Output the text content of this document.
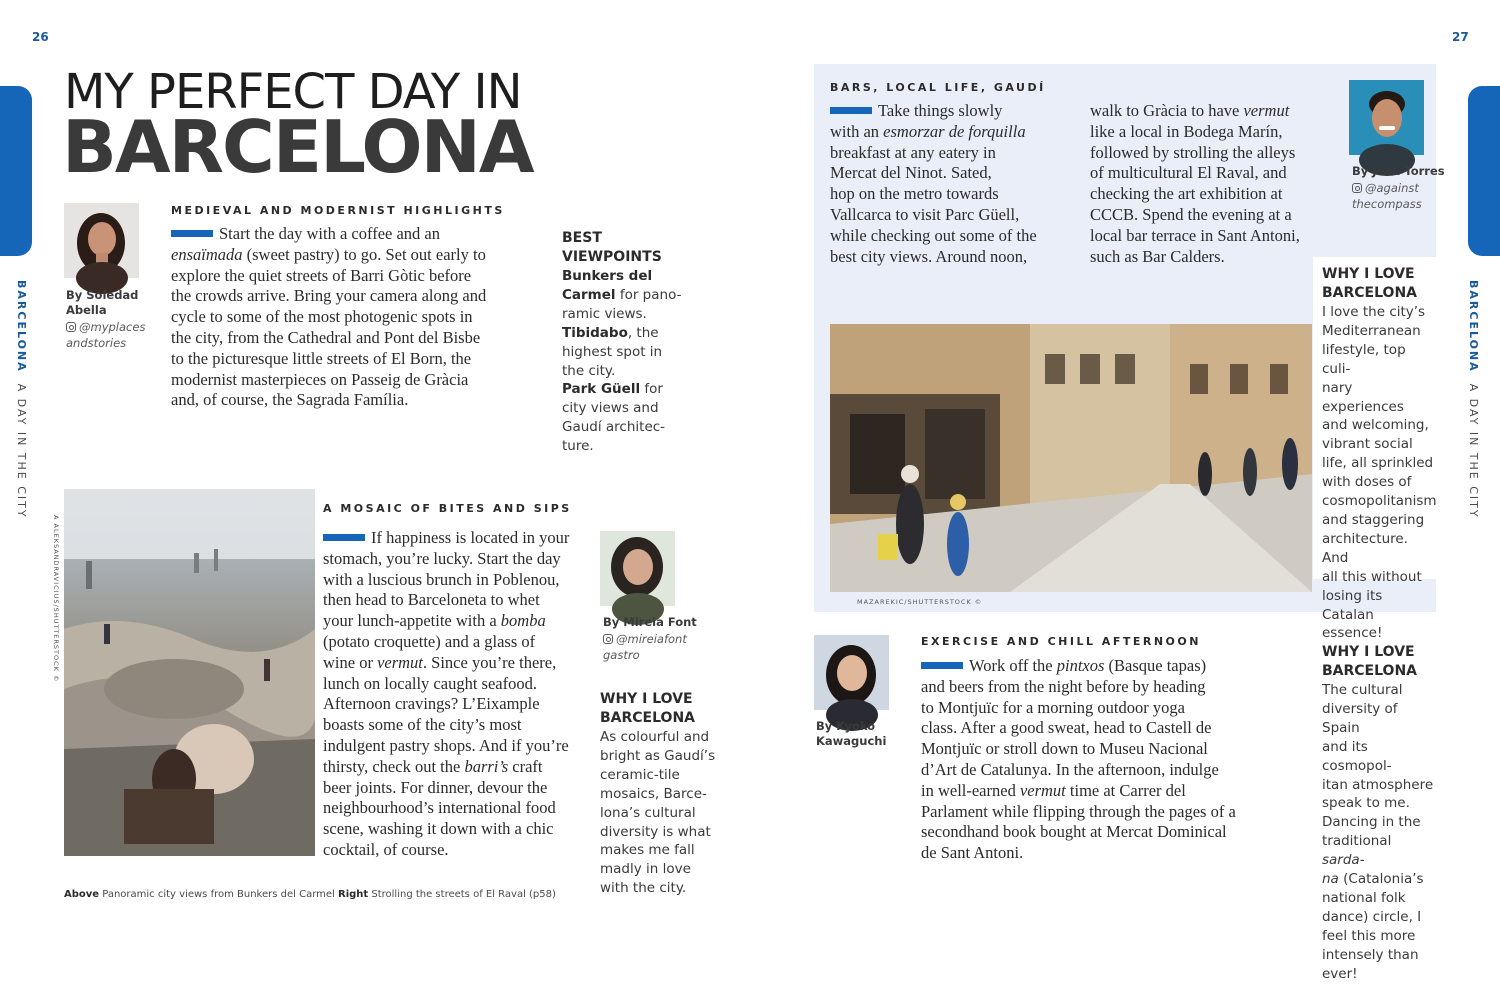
26	27
BARCELONA  A DAY IN THE CITY
BARCELONA  A DAY IN THE CITY
MY PERFECT DAY IN
BARCELONA
By Soledad
Abella
@myplaces
andstories
MEDIEVAL AND MODERNIST HIGHLIGHTS
Start the day with a coffee and an
ensaïmada (sweet pastry) to go. Set out early to
explore the quiet streets of Barri Gòtic before
the crowds arrive. Bring your camera along and
cycle to some of the most photogenic spots in
the city, from the Cathedral and Pont del Bisbe
to the picturesque little streets of El Born, the
modernist masterpieces on Passeig de Gràcia
and, of course, the Sagrada Família.
BEST
VIEWPOINTS
Bunkers del
Carmel for pano-
ramic views.
Tibidabo, the
highest spot in
the city.
Park Güell for
city views and
Gaudí architec-
ture.
A ALEKSANDRAVICIUS/SHUTTERSTOCK ©
A MOSAIC OF BITES AND SIPS
If happiness is located in your
stomach, you’re lucky. Start the day
with a luscious brunch in Poblenou,
then head to Barceloneta to whet
your lunch-appetite with a bomba
(potato croquette) and a glass of
wine or vermut. Since you’re there,
lunch on locally caught seafood.
Afternoon cravings? L’Eixample
boasts some of the city’s most
indulgent pastry shops. And if you’re
thirsty, check out the barri’s craft
beer joints. For dinner, devour the
neighbourhood’s international food
scene, washing it down with a chic
cocktail, of course.
By Mireia Font
@mireiafont
gastro
WHY I LOVE
BARCELONA
As colourful and
bright as Gaudí’s
ceramic-tile
mosaics, Barce-
lona’s cultural
diversity is what
makes me fall
madly in love
with the city.
Above Panoramic city views from Bunkers del Carmel Right Strolling the streets of El Raval (p58)
BARS, LOCAL LIFE, GAUDÍ
Take things slowly
with an esmorzar de forquilla
breakfast at any eatery in
Mercat del Ninot. Sated,
hop on the metro towards
Vallcarca to visit Parc Güell,
while checking out some of the
best city views. Around noon,
walk to Gràcia to have vermut
like a local in Bodega Marín,
followed by strolling the alleys
of multicultural El Raval, and
checking the art exhibition at
CCCB. Spend the evening at a
local bar terrace in Sant Antoni,
such as Bar Calders.
By Joan Torres
@against
thecompass
MAZAREKIC/SHUTTERSTOCK ©
WHY I LOVE
BARCELONA
I love the city’s
Mediterranean
lifestyle, top culi-
nary experiences
and welcoming,
vibrant social
life, all sprinkled
with doses of
cosmopolitanism
and staggering
architecture. And
all this without
losing its Catalan
essence!
By Kyoko
Kawaguchi
EXERCISE AND CHILL AFTERNOON
Work off the pintxos (Basque tapas)
and beers from the night before by heading
to Montjuïc for a morning outdoor yoga
class. After a good sweat, head to Castell de
Montjuïc or stroll down to Museu Nacional
d’Art de Catalunya. In the afternoon, indulge
in well-earned vermut time at Carrer del
Parlament while flipping through the pages of a
secondhand book bought at Mercat Dominical
de Sant Antoni.
WHY I LOVE
BARCELONA
The cultural
diversity of Spain
and its cosmopol-
itan atmosphere
speak to me.
Dancing in the
traditional sarda-
na (Catalonia’s
national folk
dance) circle, I
feel this more
intensely than
ever!
